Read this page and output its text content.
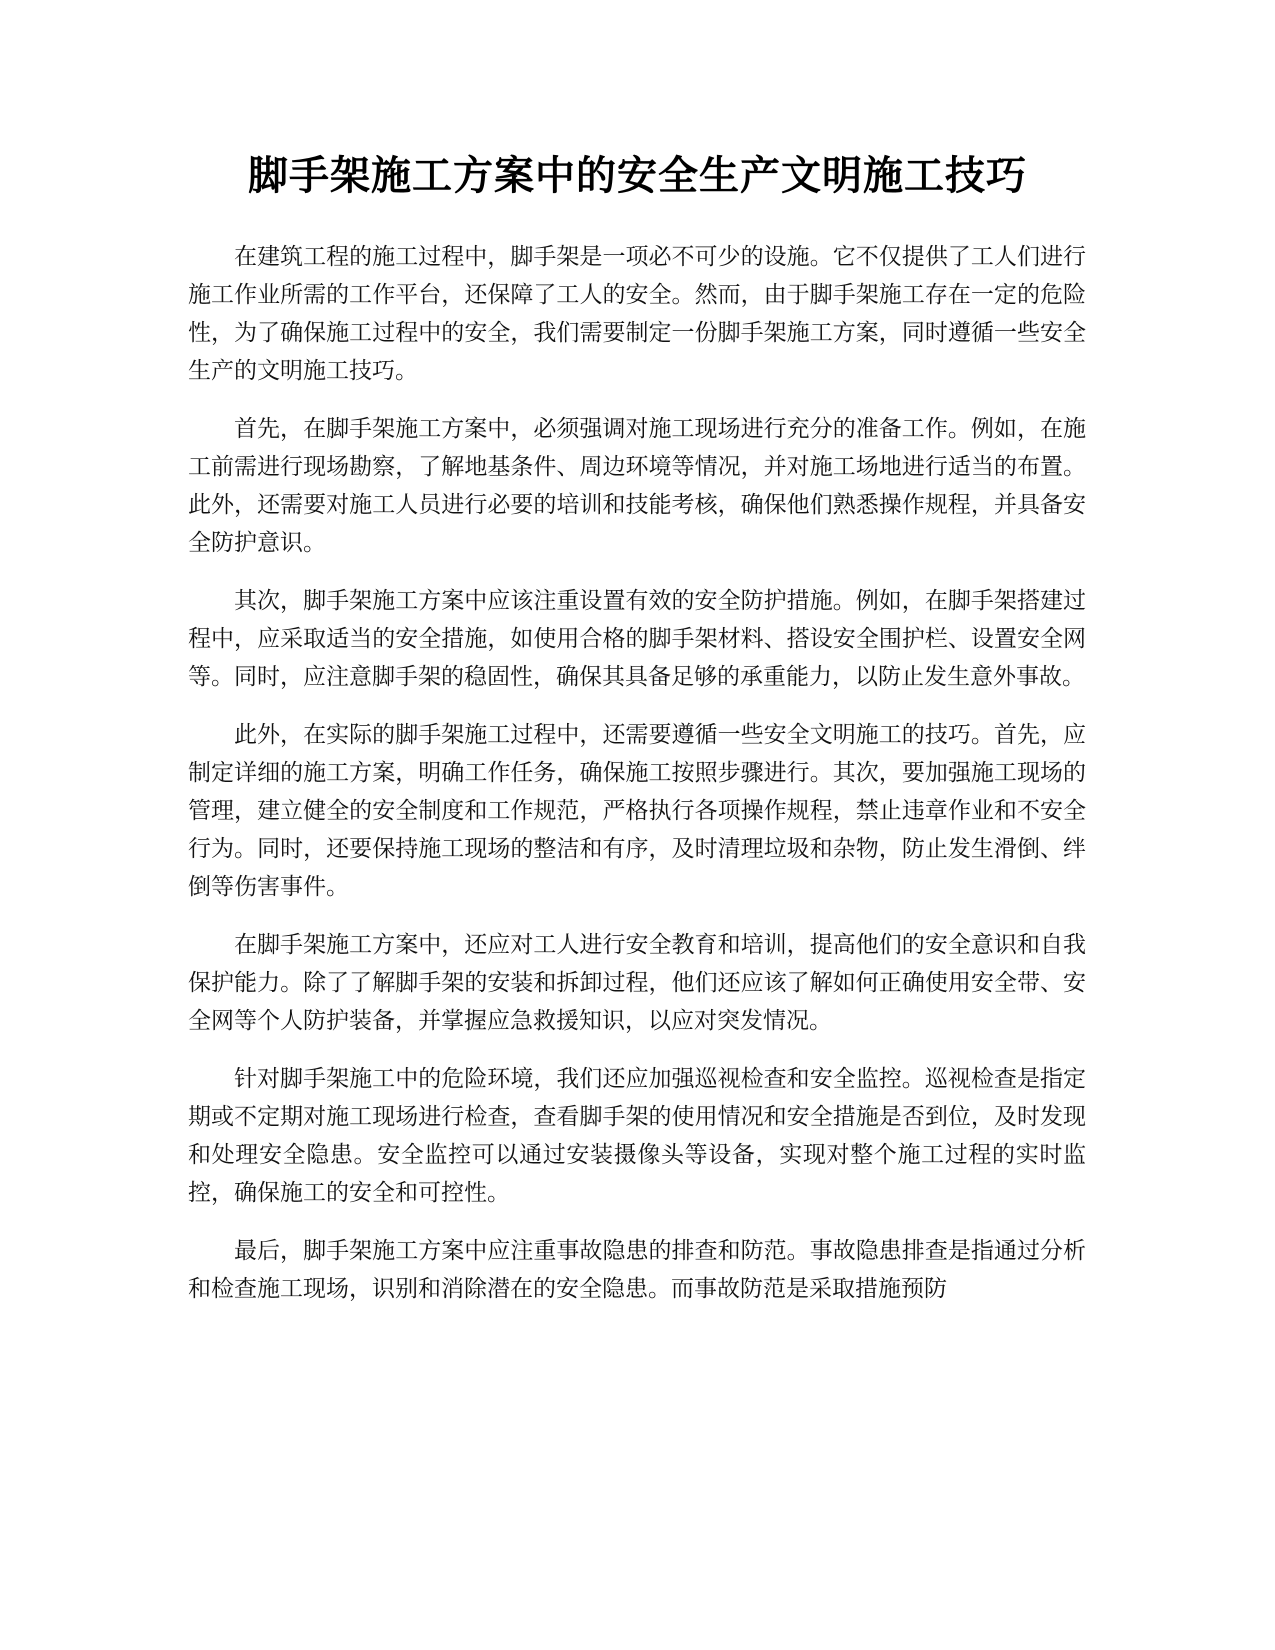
脚手架施工方案中的安全生产文明施工技巧

在建筑工程的施工过程中，脚手架是一项必不可少的设施。它不仅提供了工人们进行施工作业所需的工作平台，还保障了工人的安全。然而，由于脚手架施工存在一定的危险性，为了确保施工过程中的安全，我们需要制定一份脚手架施工方案，同时遵循一些安全生产的文明施工技巧。

首先，在脚手架施工方案中，必须强调对施工现场进行充分的准备工作。例如，在施工前需进行现场勘察，了解地基条件、周边环境等情况，并对施工场地进行适当的布置。此外，还需要对施工人员进行必要的培训和技能考核，确保他们熟悉操作规程，并具备安全防护意识。

其次，脚手架施工方案中应该注重设置有效的安全防护措施。例如，在脚手架搭建过程中，应采取适当的安全措施，如使用合格的脚手架材料、搭设安全围护栏、设置安全网等。同时，应注意脚手架的稳固性，确保其具备足够的承重能力，以防止发生意外事故。

此外，在实际的脚手架施工过程中，还需要遵循一些安全文明施工的技巧。首先，应制定详细的施工方案，明确工作任务，确保施工按照步骤进行。其次，要加强施工现场的管理，建立健全的安全制度和工作规范，严格执行各项操作规程，禁止违章作业和不安全行为。同时，还要保持施工现场的整洁和有序，及时清理垃圾和杂物，防止发生滑倒、绊倒等伤害事件。

在脚手架施工方案中，还应对工人进行安全教育和培训，提高他们的安全意识和自我保护能力。除了了解脚手架的安装和拆卸过程，他们还应该了解如何正确使用安全带、安全网等个人防护装备，并掌握应急救援知识，以应对突发情况。

针对脚手架施工中的危险环境，我们还应加强巡视检查和安全监控。巡视检查是指定期或不定期对施工现场进行检查，查看脚手架的使用情况和安全措施是否到位，及时发现和处理安全隐患。安全监控可以通过安装摄像头等设备，实现对整个施工过程的实时监控，确保施工的安全和可控性。

最后，脚手架施工方案中应注重事故隐患的排查和防范。事故隐患排查是指通过分析和检查施工现场，识别和消除潜在的安全隐患。而事故防范是采取措施预防
